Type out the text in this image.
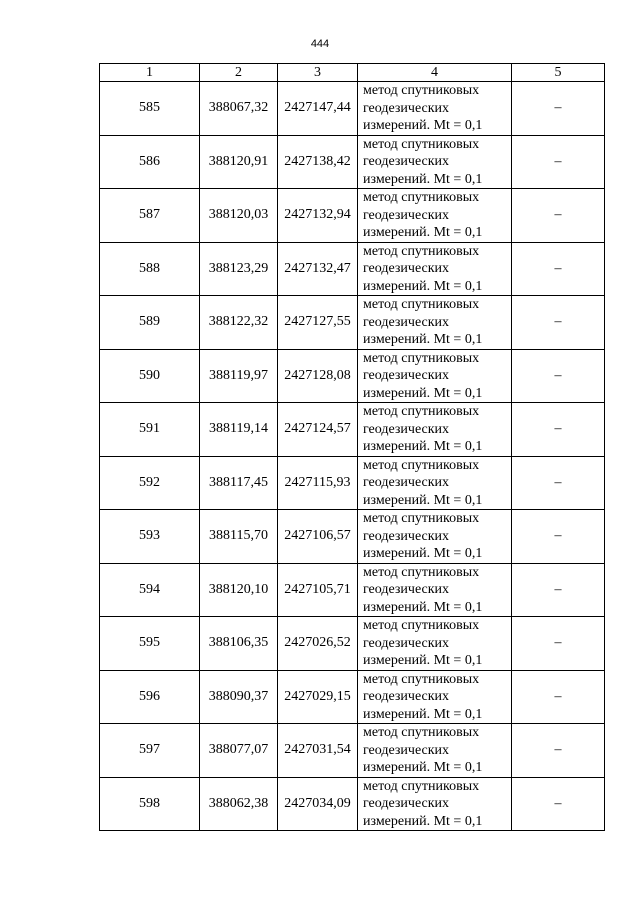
444
1	2	3	4	5
585	388067,32	2427147,44	метод спутниковых
геодезических
измерений. Mt = 0,1	–
586	388120,91	2427138,42	метод спутниковых
геодезических
измерений. Mt = 0,1	–
587	388120,03	2427132,94	метод спутниковых
геодезических
измерений. Mt = 0,1	–
588	388123,29	2427132,47	метод спутниковых
геодезических
измерений. Mt = 0,1	–
589	388122,32	2427127,55	метод спутниковых
геодезических
измерений. Mt = 0,1	–
590	388119,97	2427128,08	метод спутниковых
геодезических
измерений. Mt = 0,1	–
591	388119,14	2427124,57	метод спутниковых
геодезических
измерений. Mt = 0,1	–
592	388117,45	2427115,93	метод спутниковых
геодезических
измерений. Mt = 0,1	–
593	388115,70	2427106,57	метод спутниковых
геодезических
измерений. Mt = 0,1	–
594	388120,10	2427105,71	метод спутниковых
геодезических
измерений. Mt = 0,1	–
595	388106,35	2427026,52	метод спутниковых
геодезических
измерений. Mt = 0,1	–
596	388090,37	2427029,15	метод спутниковых
геодезических
измерений. Mt = 0,1	–
597	388077,07	2427031,54	метод спутниковых
геодезических
измерений. Mt = 0,1	–
598	388062,38	2427034,09	метод спутниковых
геодезических
измерений. Mt = 0,1	–
